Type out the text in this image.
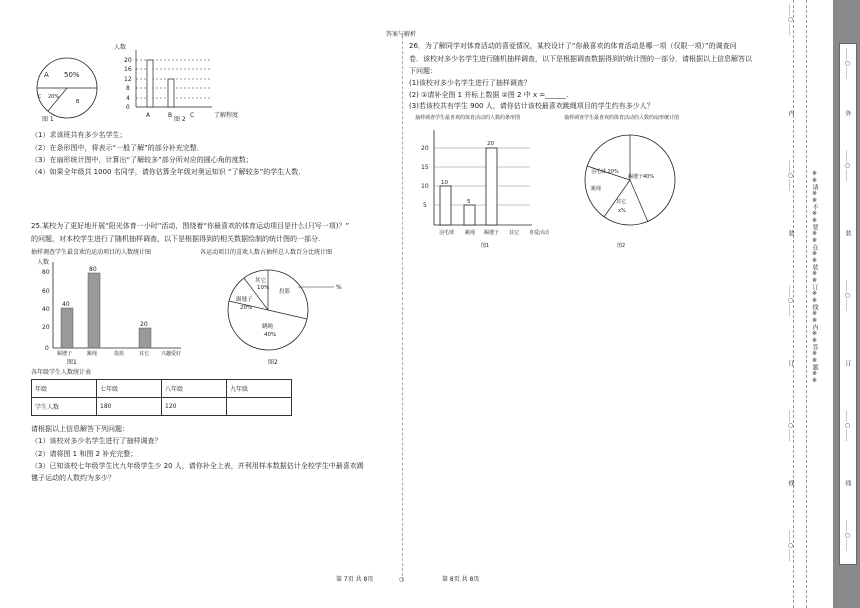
答案与解析
A 50%
C 20%
B
图 1
人数
20
16
12
8
4
0
A	B	C	了解程度
图 2
（1）求该班共有多少名学生；
（2）在条形图中，将表示“一般了解”的部分补充完整．
（3）在扇形统计图中，计算出“了解较多”部分所对应的圆心角的度数；
（4）如果全年级共 1000 名同学，请你估算全年级对奥运知识 “了解较多”的学生人数．
25.某校为了更好地开展“阳光体育一小时”活动，围绕着“你最喜欢的体育运动项目是什么(只写一项)？”
的问题，对本校学生进行了随机抽样调查，以下是根据得到的相关数据绘制的统计图的一部分.
抽样调查学生最喜欢的运动项目的人数统计图	各运动项目的喜欢人数占抽样总人数百分比统计图
人数
80
60
40
20
0
40
80
20
踢毽子	跳绳	投篮	其它 兴趣爱好
图1
其它
10%
踢毽子
20%
投篮
跳绳
40%
%
图2
各年级学生人数统计表
年级	七年级	八年级	九年级
学生人数	180	120	
请根据以上信息解答下列问题：
（1）该校对多少名学生进行了抽样调查？
（2）请将图 1 和图 2 补充完整；
（3）已知该校七年级学生比九年级学生少 20 人，请你补全上表，并利用样本数据估计全校学生中最喜欢踢
毽子运动的人数约为多少？
26．为了解同学对体育活动的喜爱情况，某校设计了“你最喜欢的体育活动是哪一项（仅限一项）”的调查问
卷．该校对多少名学生进行随机抽样调查，以下是根据调查数据得到的统计图的一部分．请根据以上信息解答以
下问题：
(1)该校对多少名学生进行了抽样调查？
(2) ①请补全图 1 并标上数据 ②图 2 中 x =______.
(3)若该校共有学生 900 人，请你估计该校最喜欢跳绳项目的学生约有多少人？
抽样调查学生最喜欢的体育活动的人数的条形图	抽样调查学生最喜欢的体育活动的人数的扇形统计图
20
15
10
5
10
5
20
羽毛球 跳绳 踢毽子 其它 喜爱活动
图1
羽毛球 20%
跳绳
踢毽子40%
其它
x%
图2
第 7页 共 8页	○	第 8页 共 8页
……○……
内
……○……
装
……○……
订
……○……
线
……○……
※※请※※不※※要※※在※※装※※订※※线※※内※※答※※题※※
……○……
外
……○……
装
……○……
订
……○……
线
……○……
